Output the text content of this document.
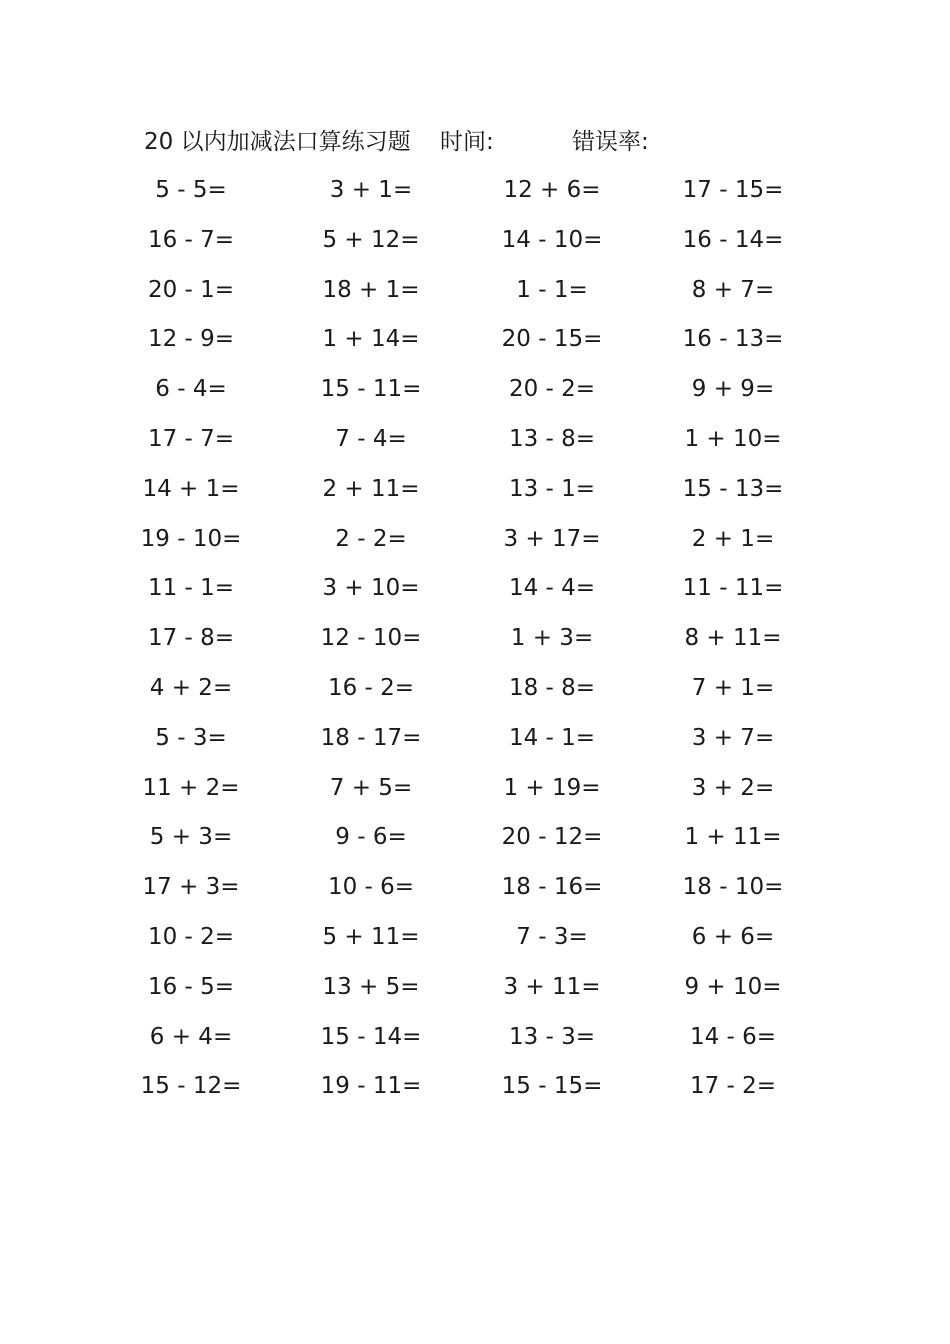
20 以内加减法口算练习题 时间:	错误率:
5 - 5=	3 + 1=	12 + 6=	17 - 15=
16 - 7=	5 + 12=	14 - 10=	16 - 14=
20 - 1=	18 + 1=	1 - 1=	8 + 7=
12 - 9=	1 + 14=	20 - 15=	16 - 13=
6 - 4=	15 - 11=	20 - 2=	9 + 9=
17 - 7=	7 - 4=	13 - 8=	1 + 10=
14 + 1=	2 + 11=	13 - 1=	15 - 13=
19 - 10=	2 - 2=	3 + 17=	2 + 1=
11 - 1=	3 + 10=	14 - 4=	11 - 11=
17 - 8=	12 - 10=	1 + 3=	8 + 11=
4 + 2=	16 - 2=	18 - 8=	7 + 1=
5 - 3=	18 - 17=	14 - 1=	3 + 7=
11 + 2=	7 + 5=	1 + 19=	3 + 2=
5 + 3=	9 - 6=	20 - 12=	1 + 11=
17 + 3=	10 - 6=	18 - 16=	18 - 10=
10 - 2=	5 + 11=	7 - 3=	6 + 6=
16 - 5=	13 + 5=	3 + 11=	9 + 10=
6 + 4=	15 - 14=	13 - 3=	14 - 6=
15 - 12=	19 - 11=	15 - 15=	17 - 2=
